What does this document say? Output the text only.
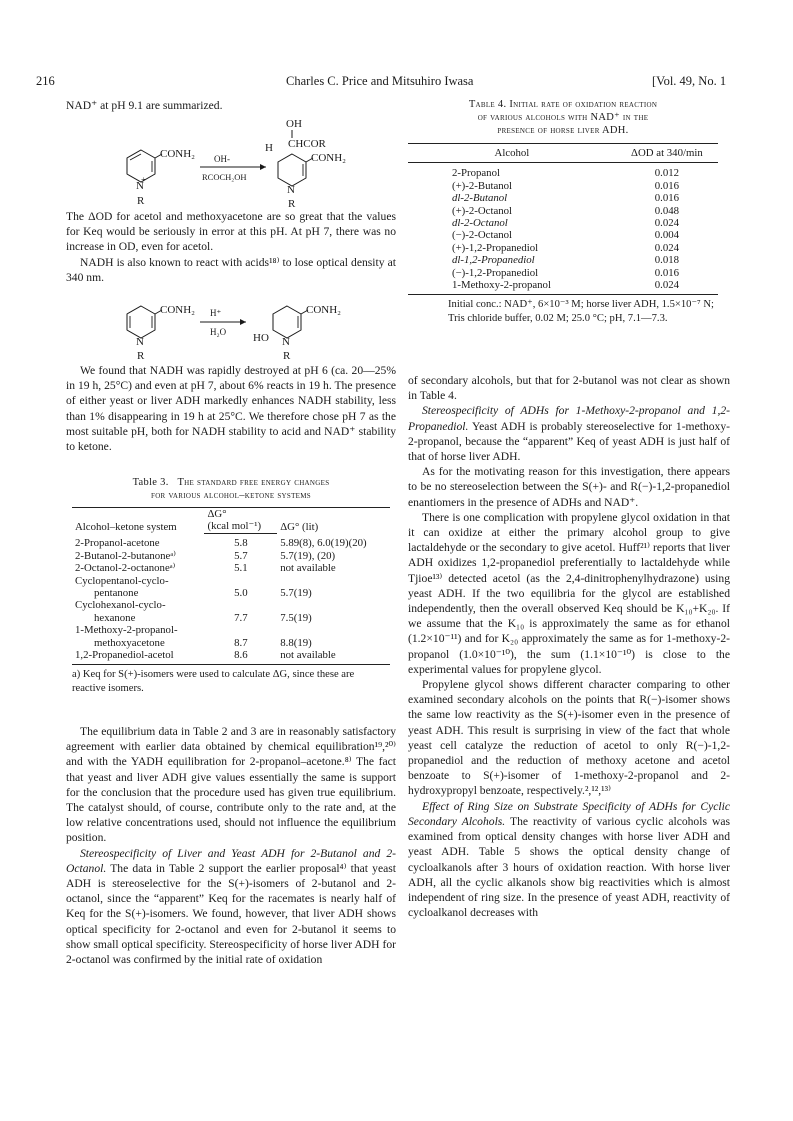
216	Charles C. Price and Mitsuhiro Iwasa	[Vol. 49, No. 1

NAD⁺ at pH 9.1 are summarized.

CONH₂
N
+
R
OH-
RCOCH₂OH
OH
H CHCOR
CONH₂
N
R

The ΔOD for acetol and methoxyacetone are so great that the values for Keq would be seriously in error at this pH. At pH 7, there was no increase in OD, even for acetol.

NADH is also known to react with acids¹⁸⁾ to lose optical density at 340 nm.

CONH₂
N
R
H⁺
H₂O
CONH₂
HO N
R

We found that NADH was rapidly destroyed at pH 6 (ca. 20—25% in 19 h, 25°C) and even at pH 7, about 6% reacts in 19 h. The presence of either yeast or liver ADH markedly enhances NADH stability, less than 1% disappearing in 19 h at 25°C. We therefore chose pH 7 as the most suitable pH, both for NADH stability to acid and NAD⁺ stability to ketone.

Table 3. The standard free energy changes
for various alcohol–ketone systems
Alcohol–ketone system	ΔG°	ΔG° (lit)
	(kcal mol⁻¹)	
2-Propanol-acetone	5.8	5.89(8), 6.0(19)(20)
2-Butanol-2-butanoneᵃ⁾	5.7	5.7(19), (20)
2-Octanol-2-octanoneᵃ⁾	5.1	not available
Cyclopentanol-cyclo-		
pentanone	5.0	5.7(19)
Cyclohexanol-cyclo-		
hexanone	7.7	7.5(19)
1-Methoxy-2-propanol-		
methoxyacetone	8.7	8.8(19)
1,2-Propanediol-acetol	8.6	not available

a) Keq for S(+)-isomers were used to calculate ΔG, since these are reactive isomers.

The equilibrium data in Table 2 and 3 are in reasonably satisfactory agreement with earlier data obtained by chemical equilibration¹⁹,²⁰⁾ and with the YADH equilibration for 2-propanol–acetone.⁸⁾ The fact that yeast and liver ADH give values essentially the same is support for the conclusion that the procedure used has given true equilibrium. The catalyst should, of course, contribute only to the rate and, at the low relative concentrations used, should not influence the equilibrium position.

Stereospecificity of Liver and Yeast ADH for 2-Butanol and 2-Octanol. The data in Table 2 support the earlier proposal⁴⁾ that yeast ADH is stereoselective for the S(+)-isomers of 2-butanol and 2-octanol, since the “apparent” Keq for the racemates is nearly half of Keq for the S(+)-isomers. We found, however, that liver ADH shows optical specificity for 2-octanol and even for 2-butanol it seems to show small optical specificity. Stereospecificity of horse liver ADH for 2-octanol was confirmed by the initial rate of oxidation

Table 4. Initial rate of oxidation reaction
of various alcohols with NAD⁺ in the
presence of horse liver ADH.
Alcohol	ΔOD at 340/min
2-Propanol	0.012
(+)-2-Butanol	0.016
dl-2-Butanol	0.016
(+)-2-Octanol	0.048
dl-2-Octanol	0.024
(−)-2-Octanol	0.004
(+)-1,2-Propanediol	0.024
dl-1,2-Propanediol	0.018
(−)-1,2-Propanediol	0.016
1-Methoxy-2-propanol	0.024

Initial conc.: NAD⁺, 6×10⁻³ M; horse liver ADH, 1.5×10⁻⁷ N; Tris chloride buffer, 0.02 M; 25.0 °C; pH, 7.1—7.3.

of secondary alcohols, but that for 2-butanol was not clear as shown in Table 4.

Stereospecificity of ADHs for 1-Methoxy-2-propanol and 1,2-Propanediol. Yeast ADH is probably stereoselective for 1-methoxy-2-propanol, because the “apparent” Keq of yeast ADH is just half of that of horse liver ADH.

As for the motivating reason for this investigation, there appears to be no stereoselection between the S(+)- and R(−)-1,2-propanediol enantiomers in the presence of ADHs and NAD⁺.

There is one complication with propylene glycol oxidation in that it can oxidize at either the primary alcohol group to give lactaldehyde or the secondary to give acetol. Huff²¹⁾ reports that liver ADH oxidizes 1,2-propanediol preferentially to lactaldehyde while Tjioe¹³⁾ detected acetol (as the 2,4-dinitrophenylhydrazone) using yeast ADH. If the two equilibria for the glycol are established independently, then the overall observed Keq should be K₁₀+K₂₀. If we assume that the K₁₀ is approximately the same as for ethanol (1.2×10⁻¹¹) and for K₂₀ approximately the same as for 1-methoxy-2-propanol (1.0×10⁻¹⁰), the sum (1.1×10⁻¹⁰) is close to the experimental values for propylene glycol.

Propylene glycol shows different character comparing to other examined secondary alcohols on the points that R(−)-isomer shows the same low reactivity as the S(+)-isomer even in the presence of yeast ADH. This result is surprising in view of the fact that whole yeast cell catalyze the reduction of acetol to only R(−)-1,2-propanediol and the reduction of methoxy acetone and acetol benzoate to S(+)-isomer of 1-methoxy-2-propanol and 2-hydroxypropyl benzoate, respectively.²,¹²,¹³⁾

Effect of Ring Size on Substrate Specificity of ADHs for Cyclic Secondary Alcohols. The reactivity of various cyclic alcohols was examined from optical density changes with horse liver ADH and yeast ADH. Table 5 shows the optical density change of cycloalkanols after 3 hours of oxidation reaction. With horse liver ADH, all the cyclic alkanols show big reactivities which is almost independent of ring size. In the presence of yeast ADH, reactivity of cycloalkanol decreases with
